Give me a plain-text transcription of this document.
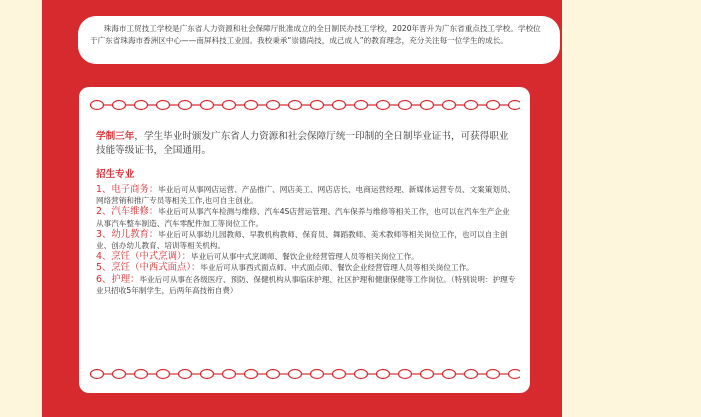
珠海市工贸技工学校是广东省人力资源和社会保障厅批准成立的全日制民办技工学校，2020年晋升为广东省重点技工学校。学校位于广东省珠海市香洲区中心——南屏科技工业园。我校秉承“崇德尚技，成己成人”的教育理念，充分关注每一位学生的成长。

学制三年，学生毕业时颁发广东省人力资源和社会保障厅统一印制的全日制毕业证书，可获得职业技能等级证书，全国通用。

招生专业

1、电子商务：毕业后可从事网店运营、产品推广、网店美工、网店店长、电商运营经理、新媒体运营专员、文案策划员、网络营销和推广专员等相关工作,也可自主创业。

2、汽车维修：毕业后可从事汽车检测与维修、汽车4S店营运管理、汽车保养与维修等相关工作，也可以在汽车生产企业从事汽车整车制造、汽车零配件加工等岗位工作。

3、幼儿教育：毕业后可从事幼儿园教师、早教机构教师、保育员、舞蹈教师、美术教师等相关岗位工作，也可以自主创业、创办幼儿教育、培训等相关机构。

4、烹饪（中式烹调）：毕业后可从事中式烹调师、餐饮企业经营管理人员等相关岗位工作。

5、烹饪（中西式面点）：毕业后可从事西式面点师、中式面点师、餐饮企业经营管理人员等相关岗位工作。

6、护理：毕业后可从事在各级医疗、预防、保健机构从事临床护理、社区护理和健康保健等工作岗位。（特别说明：护理专业只招收5年制学生，后两年高技衔自费）
